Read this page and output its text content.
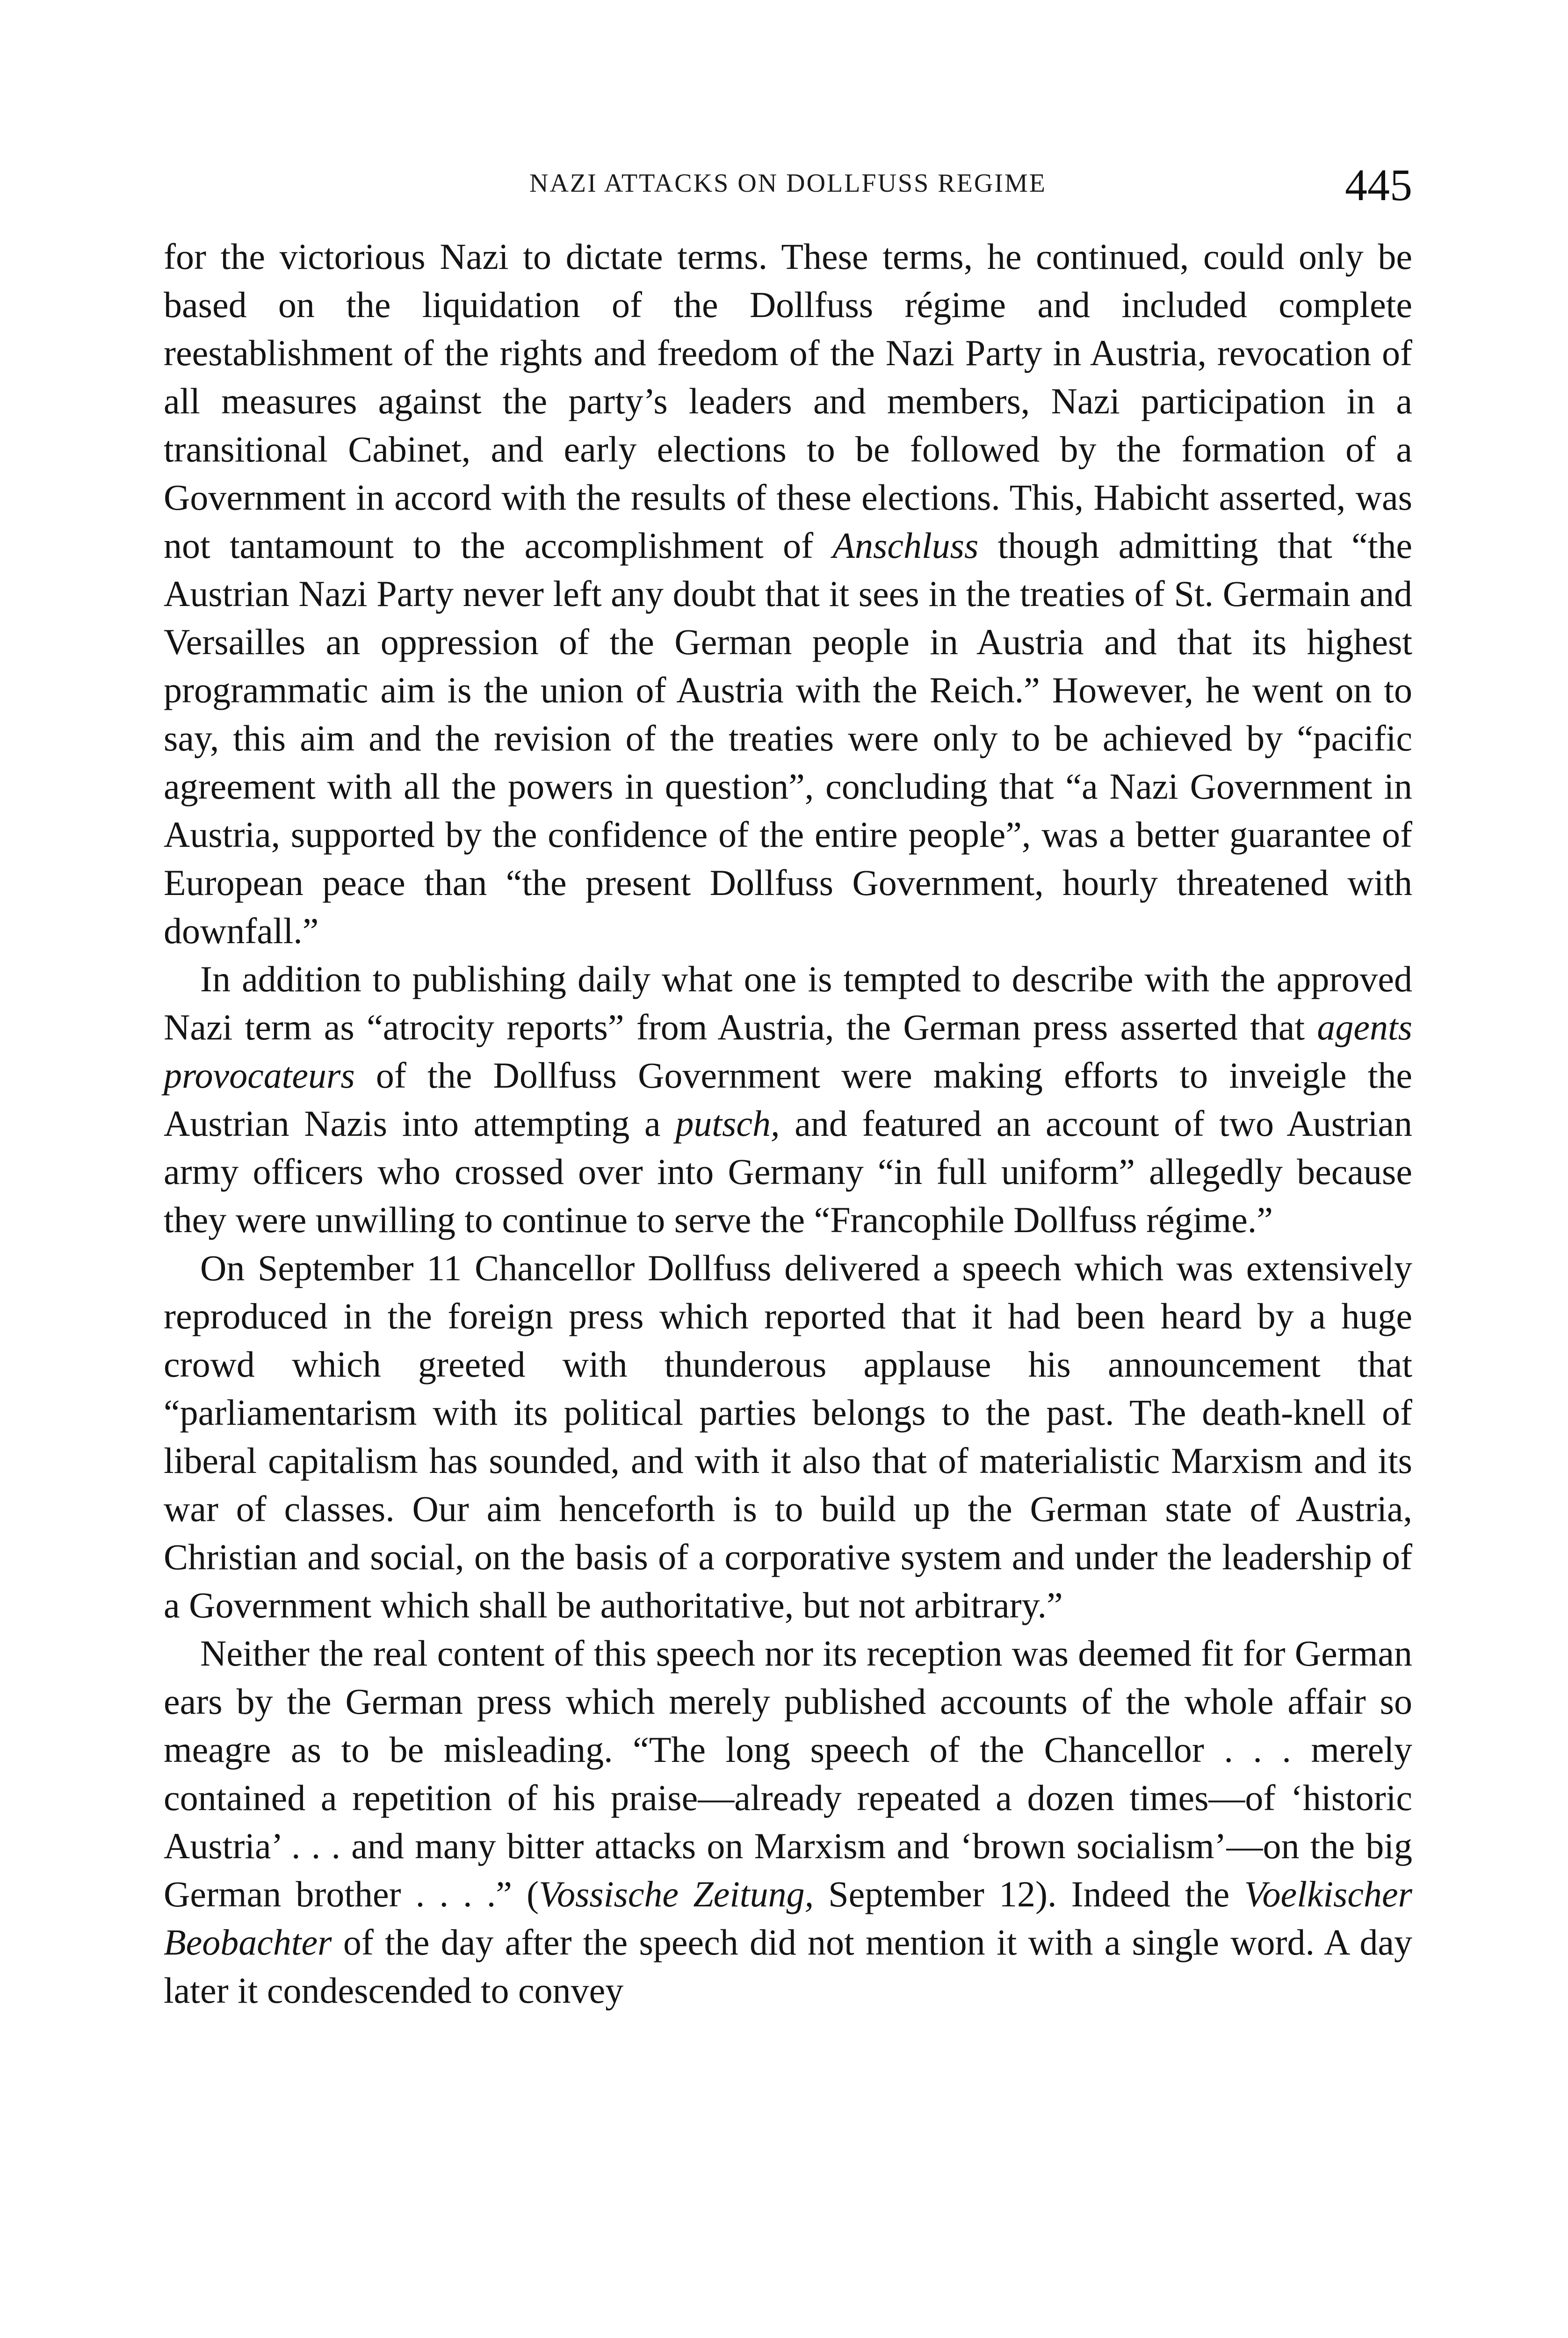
NAZI ATTACKS ON DOLLFUSS REGIME	445

for the victorious Nazi to dictate terms. These terms, he continued, could only be based on the liquidation of the Dollfuss régime and included complete reestablishment of the rights and freedom of the Nazi Party in Austria, revocation of all measures against the party’s leaders and members, Nazi participation in a transitional Cabinet, and early elections to be followed by the formation of a Government in accord with the results of these elections. This, Habicht asserted, was not tantamount to the accomplishment of Anschluss though admitting that “the Austrian Nazi Party never left any doubt that it sees in the treaties of St. Germain and Versailles an oppression of the German people in Austria and that its highest programmatic aim is the union of Austria with the Reich.” However, he went on to say, this aim and the revision of the treaties were only to be achieved by “pacific agreement with all the powers in question”, concluding that “a Nazi Government in Austria, supported by the confidence of the entire people”, was a better guarantee of European peace than “the present Dollfuss Government, hourly threatened with downfall.”

In addition to publishing daily what one is tempted to describe with the approved Nazi term as “atrocity reports” from Austria, the German press asserted that agents provocateurs of the Dollfuss Government were making efforts to inveigle the Austrian Nazis into attempting a putsch, and featured an account of two Austrian army officers who crossed over into Germany “in full uniform” allegedly because they were unwilling to continue to serve the “Francophile Dollfuss régime.”

On September 11 Chancellor Dollfuss delivered a speech which was extensively reproduced in the foreign press which reported that it had been heard by a huge crowd which greeted with thunderous applause his announcement that “parliamentarism with its political parties belongs to the past. The death-knell of liberal capitalism has sounded, and with it also that of materialistic Marxism and its war of classes. Our aim henceforth is to build up the German state of Austria, Christian and social, on the basis of a corporative system and under the leadership of a Government which shall be authoritative, but not arbitrary.”

Neither the real content of this speech nor its reception was deemed fit for German ears by the German press which merely published accounts of the whole affair so meagre as to be misleading. “The long speech of the Chancellor . . . merely contained a repetition of his praise—already repeated a dozen times—of ‘historic Austria’ . . . and many bitter attacks on Marxism and ‘brown socialism’—on the big German brother . . . .” (Vossische Zeitung, September 12). Indeed the Voelkischer Beobachter of the day after the speech did not mention it with a single word. A day later it condescended to convey
